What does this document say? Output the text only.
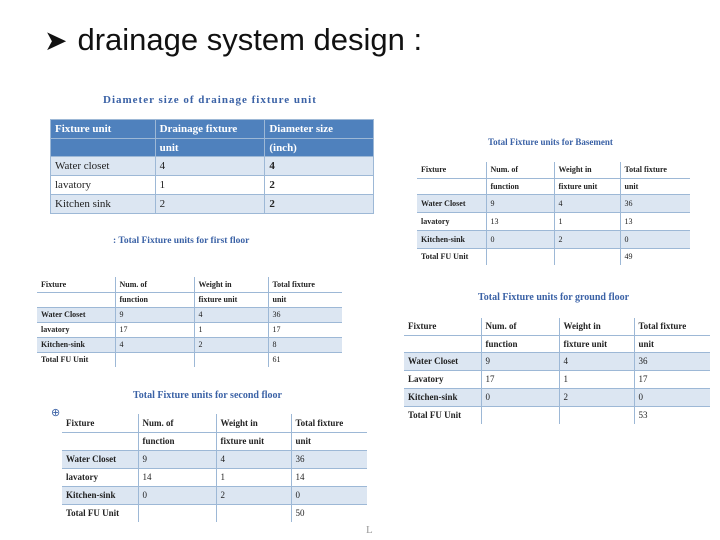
➤ drainage system design :
Diameter size of drainage fixture unit
Fixture unit	Drainage fixture	Diameter size
	unit	(inch)
Water closet	4	4
lavatory	1	2
Kitchen sink	2	2
Total Fixture units for Basement
Fixture	Num. of	Weight in	Total fixture
	function	fixture unit	unit
Water Closet	9	4	36
lavatory	13	1	13
Kitchen-sink	0	2	0
Total FU Unit			49
: Total Fixture units for first floor
Fixture	Num. of	Weight in	Total fixture
	function	fixture unit	unit
Water Closet	9	4	36
lavatory	17	1	17
Kitchen-sink	4	2	8
Total FU Unit			61
Total Fixture units for ground floor
Fixture	Num. of	Weight in	Total fixture
	function	fixture unit	unit
Water Closet	9	4	36
Lavatory	17	1	17
Kitchen-sink	0	2	0
Total FU Unit			53
⊕
Total Fixture units for second floor
Fixture	Num. of	Weight in	Total fixture
	function	fixture unit	unit
Water Closet	9	4	36
lavatory	14	1	14
Kitchen-sink	0	2	0
Total FU Unit			50
L
